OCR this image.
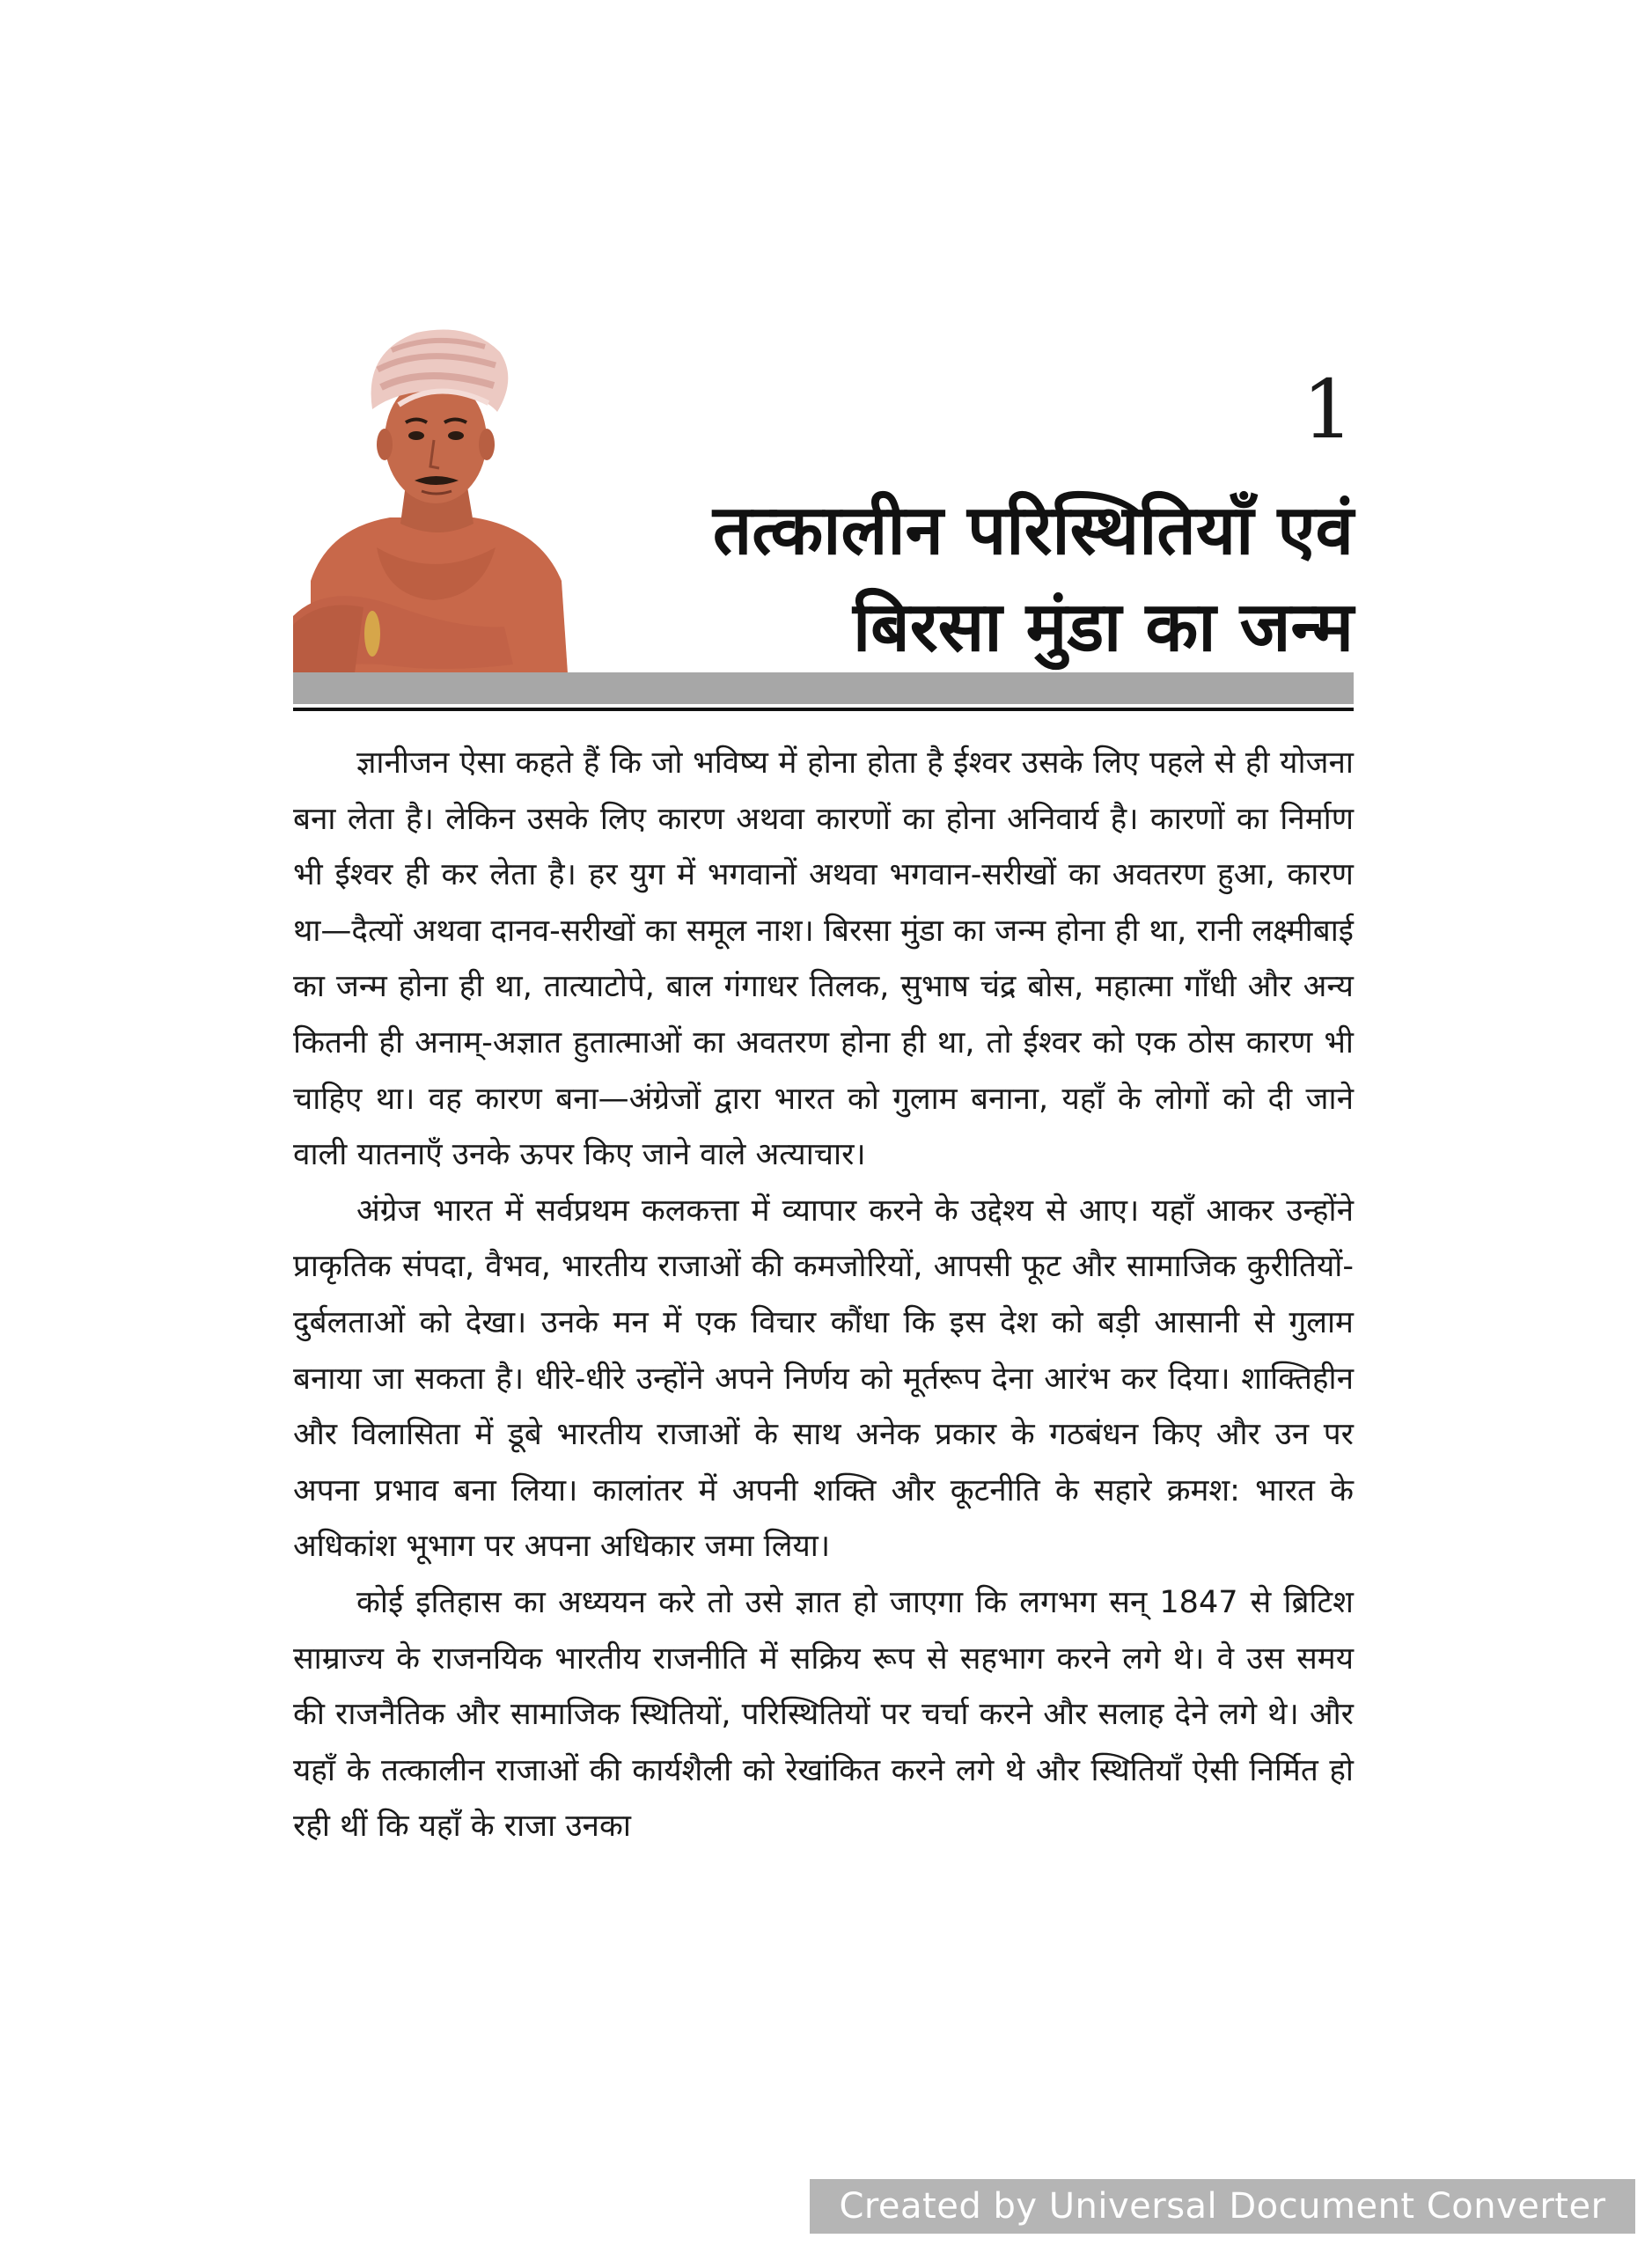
1
तत्कालीन परिस्थितियाँ एवं
बिरसा मुंडा का जन्म

ज्ञानीजन ऐसा कहते हैं कि जो भविष्य में होना होता है ईश्वर उसके लिए पहले से ही योजना बना लेता है। लेकिन उसके लिए कारण अथवा कारणों का होना अनिवार्य है। कारणों का निर्माण भी ईश्वर ही कर लेता है। हर युग में भगवानों अथवा भगवान-सरीखों का अवतरण हुआ, कारण था—दैत्यों अथवा दानव-सरीखों का समूल नाश। बिरसा मुंडा का जन्म होना ही था, रानी लक्ष्मीबाई का जन्म होना ही था, तात्याटोपे, बाल गंगाधर तिलक, सुभाष चंद्र बोस, महात्मा गाँधी और अन्य कितनी ही अनाम्-अज्ञात हुतात्माओं का अवतरण होना ही था, तो ईश्वर को एक ठोस कारण भी चाहिए था। वह कारण बना—अंग्रेजों द्वारा भारत को गुलाम बनाना, यहाँ के लोगों को दी जाने वाली यातनाएँ उनके ऊपर किए जाने वाले अत्याचार।

अंग्रेज भारत में सर्वप्रथम कलकत्ता में व्यापार करने के उद्देश्य से आए। यहाँ आकर उन्होंने प्राकृतिक संपदा, वैभव, भारतीय राजाओं की कमजोरियों, आपसी फूट और सामाजिक कुरीतियों-दुर्बलताओं को देखा। उनके मन में एक विचार कौंधा कि इस देश को बड़ी आसानी से गुलाम बनाया जा सकता है। धीरे-धीरे उन्होंने अपने निर्णय को मूर्तरूप देना आरंभ कर दिया। शाक्तिहीन और विलासिता में डूबे भारतीय राजाओं के साथ अनेक प्रकार के गठबंधन किए और उन पर अपना प्रभाव बना लिया। कालांतर में अपनी शक्ति और कूटनीति के सहारे क्रमश: भारत के अधिकांश भूभाग पर अपना अधिकार जमा लिया।

कोई इतिहास का अध्ययन करे तो उसे ज्ञात हो जाएगा कि लगभग सन् 1847 से ब्रिटिश साम्राज्य के राजनयिक भारतीय राजनीति में सक्रिय रूप से सहभाग करने लगे थे। वे उस समय की राजनैतिक और सामाजिक स्थितियों, परिस्थितियों पर चर्चा करने और सलाह देने लगे थे। और यहाँ के तत्कालीन राजाओं की कार्यशैली को रेखांकित करने लगे थे और स्थितियाँ ऐसी निर्मित हो रही थीं कि यहाँ के राजा उनका

Created by Universal Document Converter
